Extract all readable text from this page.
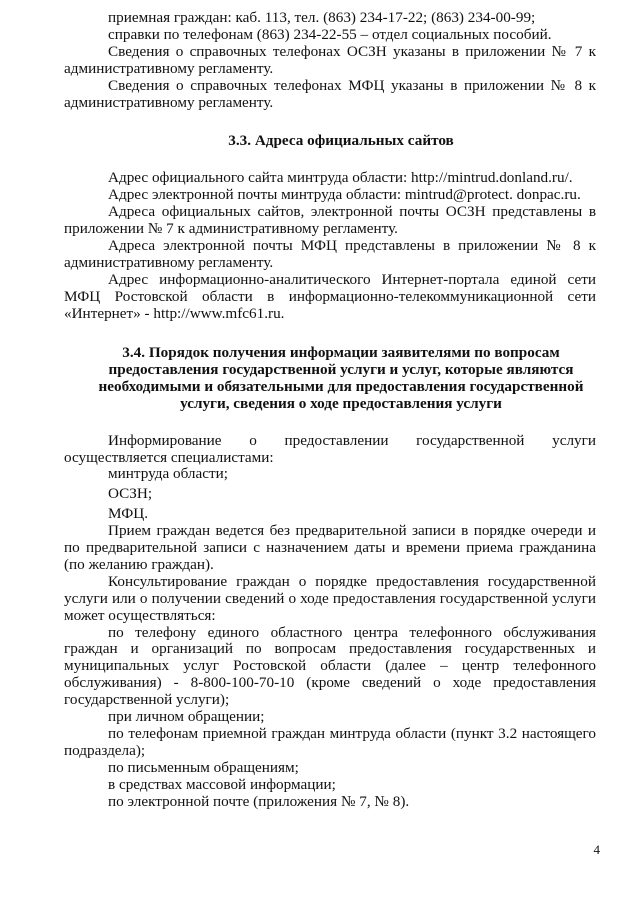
приемная граждан: каб. 113, тел. (863) 234-17-22; (863) 234-00-99;

справки по телефонам (863) 234-22-55 – отдел социальных пособий.

Сведения о справочных телефонах ОСЗН указаны в приложении № 7 к административному регламенту.

Сведения о справочных телефонах МФЦ указаны в приложении № 8 к административному регламенту.

3.3. Адреса официальных сайтов

Адрес официального сайта минтруда области: http://mintrud.donland.ru/.

Адрес электронной почты минтруда области: mintrud@protect. donpac.ru.

Адреса официальных сайтов, электронной почты ОСЗН представлены в приложении № 7 к административному регламенту.

Адреса электронной почты МФЦ представлены в приложении № 8 к административному регламенту.

Адрес информационно-аналитического Интернет-портала единой сети МФЦ Ростовской области в информационно-телекоммуникационной сети «Интернет» - http://www.mfc61.ru.

3.4. Порядок получения информации заявителями по вопросам предоставления государственной услуги и услуг, которые являются необходимыми и обязательными для предоставления государственной услуги, сведения о ходе предоставления услуги

Информирование о предоставлении государственной услуги осуществляется специалистами:

минтруда области;

ОСЗН;

МФЦ.

Прием граждан ведется без предварительной записи в порядке очереди и по предварительной записи с назначением даты и времени приема гражданина (по желанию граждан).

Консультирование граждан о порядке предоставления государственной услуги или о получении сведений о ходе предоставления государственной услуги может осуществляться:

по телефону единого областного центра телефонного обслуживания граждан и организаций по вопросам предоставления государственных и муниципальных услуг Ростовской области (далее – центр телефонного обслуживания) - 8-800-100-70-10 (кроме сведений о ходе предоставления государственной услуги);

при личном обращении;

по телефонам приемной граждан минтруда области (пункт 3.2 настоящего подраздела);

по письменным обращениям;

в средствах массовой информации;

по электронной почте (приложения № 7, № 8).

4
